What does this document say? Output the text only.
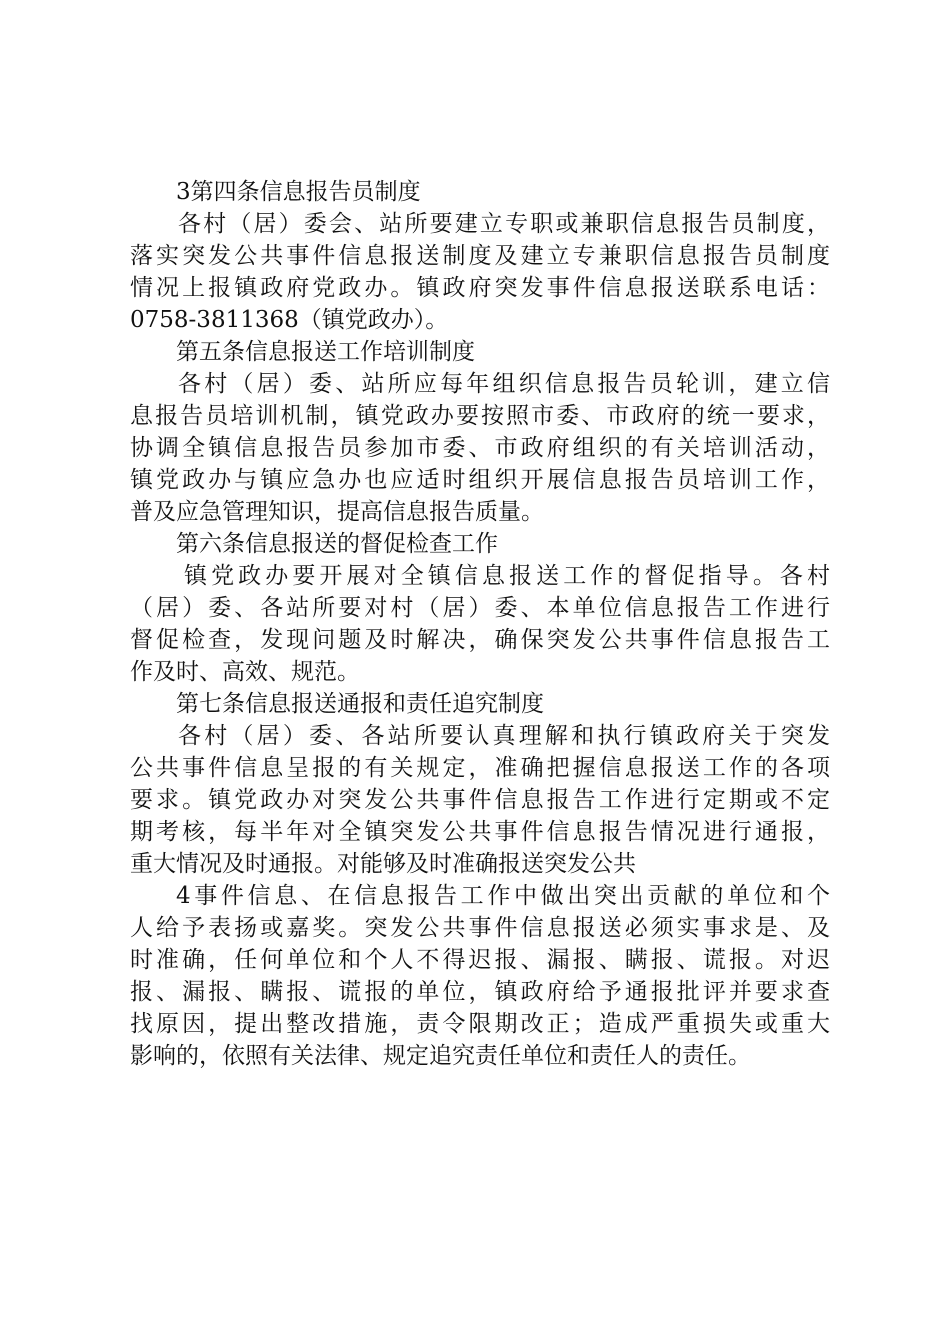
3第四条信息报告员制度
各村（居）委会、站所要建立专职或兼职信息报告员制度，
落实突发公共事件信息报送制度及建立专兼职信息报告员制度
情况上报镇政府党政办。镇政府突发事件信息报送联系电话：
0758-3811368（镇党政办）。
第五条信息报送工作培训制度
各村（居）委、站所应每年组织信息报告员轮训，建立信
息报告员培训机制，镇党政办要按照市委、市政府的统一要求，
协调全镇信息报告员参加市委、市政府组织的有关培训活动，
镇党政办与镇应急办也应适时组织开展信息报告员培训工作，
普及应急管理知识，提高信息报告质量。
第六条信息报送的督促检查工作
镇党政办要开展对全镇信息报送工作的督促指导。各村
（居）委、各站所要对村（居）委、本单位信息报告工作进行
督促检查，发现问题及时解决，确保突发公共事件信息报告工
作及时、高效、规范。
第七条信息报送通报和责任追究制度
各村（居）委、各站所要认真理解和执行镇政府关于突发
公共事件信息呈报的有关规定，准确把握信息报送工作的各项
要求。镇党政办对突发公共事件信息报告工作进行定期或不定
期考核，每半年对全镇突发公共事件信息报告情况进行通报，
重大情况及时通报。对能够及时准确报送突发公共
4事件信息、在信息报告工作中做出突出贡献的单位和个
人给予表扬或嘉奖。突发公共事件信息报送必须实事求是、及
时准确，任何单位和个人不得迟报、漏报、瞒报、谎报。对迟
报、漏报、瞒报、谎报的单位，镇政府给予通报批评并要求查
找原因，提出整改措施，责令限期改正；造成严重损失或重大
影响的，依照有关法律、规定追究责任单位和责任人的责任。
